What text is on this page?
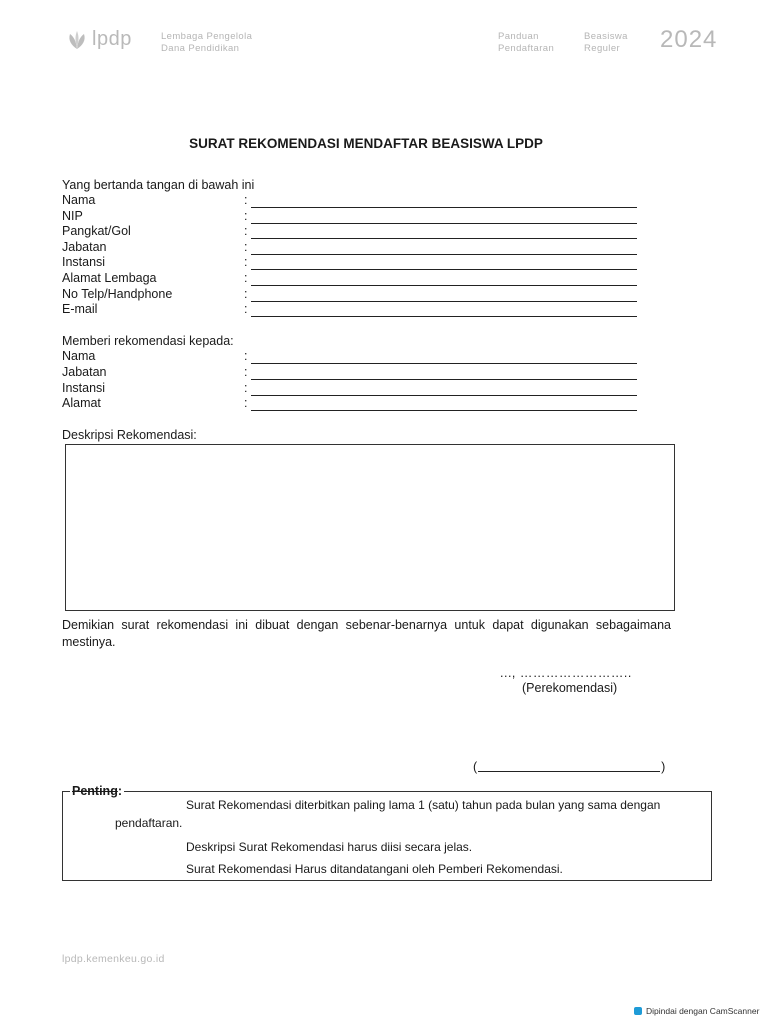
lpdp	Lembaga Pengelola
Dana Pendidikan
Panduan
Pendaftaran
Beasiswa
Reguler	2024
SURAT REKOMENDASI MENDAFTAR BEASISWA LPDP
Yang bertanda tangan di bawah ini
Nama	:
NIP	:
Pangkat/Gol	:
Jabatan	:
Instansi	:
Alamat Lembaga	:
No Telp/Handphone	:
E-mail	:
Memberi rekomendasi kepada:
Nama	:
Jabatan	:
Instansi	:
Alamat	:
Deskripsi Rekomendasi:
Demikian surat rekomendasi ini dibuat dengan sebenar-benarnya untuk dapat digunakan sebagaimana mestinya.
..., ……………………..
(Perekomendasi)
(	)
Penting:
Surat Rekomendasi diterbitkan paling lama 1 (satu) tahun pada bulan yang sama dengan
pendaftaran.
Deskripsi Surat Rekomendasi harus diisi secara jelas.
Surat Rekomendasi Harus ditandatangani oleh Pemberi Rekomendasi.
lpdp.kemenkeu.go.id
Dipindai dengan CamScanner
